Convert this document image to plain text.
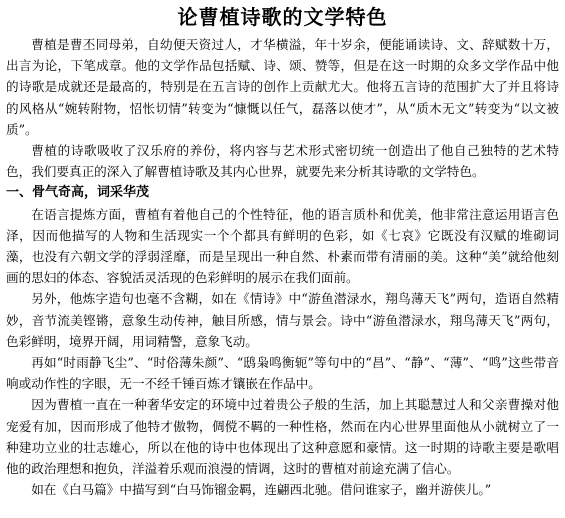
论曹植诗歌的文学特色

曹植是曹丕同母弟，自幼便天资过人，才华横溢，年十岁余，便能诵读诗、文、辞赋数十万，出言为论，下笔成章。他的文学作品包括赋、诗、颂、赞等，但是在这一时期的众多文学作品中他的诗歌是成就还是最高的，特别是在五言诗的创作上贡献尤大。他将五言诗的范围扩大了并且将诗的风格从“婉转附物，怊怅切情”转变为“慷慨以任气，磊落以使才”，从“质木无文”转变为“以文被质”。

曹植的诗歌吸收了汉乐府的养份，将内容与艺术形式密切统一创造出了他自己独特的艺术特色，我们要真正的深入了解曹植诗歌及其内心世界，就要先来分析其诗歌的文学特色。

一、骨气奇高，词采华茂

在语言提炼方面，曹植有着他自己的个性特征，他的语言质朴和优美，他非常注意运用语言色泽，因而他描写的人物和生活现实一个个都具有鲜明的色彩，如《七哀》它既没有汉赋的堆砌词藻，也没有六朝文学的浮弱淫靡，而是呈现出一种自然、朴素而带有清丽的美。这种“美”就给他刻画的思妇的体态、容貌活灵活现的色彩鲜明的展示在我们面前。

另外，他炼字造句也毫不含糊，如在《情诗》中“游鱼潜渌水，翔鸟薄天飞”两句，造语自然精妙，音节流美铿锵，意象生动传神，触目所感，情与景会。诗中“游鱼潜渌水，翔鸟薄天飞”两句，色彩鲜明，境界开阔，用词精警，意象飞动。

再如“时雨静飞尘”、“时俗薄朱颜”、“鸱枭鸣衡轭”等句中的“昌”、“静”、“薄”、“鸣”这些带音响或动作性的字眼，无一不经千锤百炼才镶嵌在作品中。

因为曹植一直在一种奢华安定的环境中过着贵公子般的生活，加上其聪慧过人和父亲曹操对他宠爱有加，因而形成了他特才傲物，倜傥不羁的一种性格，然而在内心世界里面他从小就树立了一种建功立业的壮志雄心，所以在他的诗中也体现出了这种意愿和豪情。这一时期的诗歌主要是歌唱他的政治理想和抱负，洋溢着乐观而浪漫的情调，这时的曹植对前途充满了信心。

如在《白马篇》中描写到“白马饰镏金羁，连翩西北驰。借问谁家子，幽并游侠儿。”
